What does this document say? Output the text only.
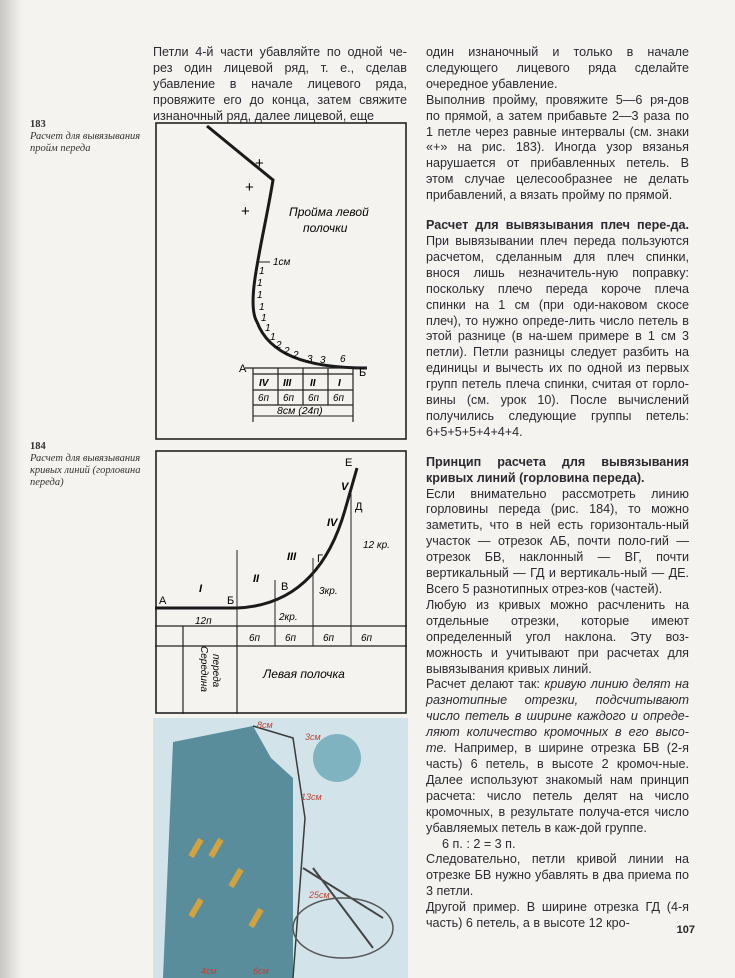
Петли 4-й части убавляйте по одной че-рез один лицевой ряд, т. е., сделав убавление в начале лицевого ряда, провяжите его до конца, затем свяжите изнаночный ряд, далее лицевой, еще

183
Расчет для вывязывания пройм переда
184
Расчет для вывязывания кривых линий (горловина переда)
1см
+
+
+	Пройма левой
полочки
1
1
1
1
1
1
1
2
2 2 3 3 6
А	Б
IV III II I
6п 6п 6п 6п
8см (24п)
А	Б
В
Г
Д
Е
I
II
III
IV
V
12п
6п 6п	6п	6п
2кр.
3кр.
12 кр.
Середина переда	Левая полочка
8см
3см
13см
25см
4см	6см

один изнаночный и только в начале следующего лицевого ряда сделайте очередное убавление.

Выполнив пройму, провяжите 5—6 ря-дов по прямой, а затем прибавьте 2—3 раза по 1 петле через равные интервалы (см. знаки «+» на рис. 183). Иногда узор вязанья нарушается от прибавленных петель. В этом случае целесообразнее не делать прибавлений, а вязать пройму по прямой.

Расчет для вывязывания плеч пере-да. При вывязывании плеч переда пользуются расчетом, сделанным для плеч спинки, внося лишь незначитель-ную поправку: поскольку плечо переда короче плеча спинки на 1 см (при оди-наковом скосе плеч), то нужно опреде-лить число петель в этой разнице (в на-шем примере в 1 см 3 петли). Петли разницы следует разбить на единицы и вычесть их по одной из первых групп петель плеча спинки, считая от горло-вины (см. урок 10). После вычислений получились следующие группы петель: 6+5+5+5+4+4+4.

Принцип расчета для вывязывания кривых линий (горловина переда).

Если внимательно рассмотреть линию горловины переда (рис. 184), то можно заметить, что в ней есть горизонталь-ный участок — отрезок АБ, почти поло-гий — отрезок БВ, наклонный — ВГ, почти вертикальный — ГД и вертикаль-ный — ДЕ. Всего 5 разнотипных отрез-ков (частей).

Любую из кривых можно расчленить на отдельные отрезки, которые имеют определенный угол наклона. Эту воз-можность и учитывают при расчетах для вывязывания кривых линий.

Расчет делают так: кривую линию делят на разнотипные отрезки, подсчитывают число петель в ширине каждого и опреде-ляют количество кромочных в его высо-те. Например, в ширине отрезка БВ (2-я часть) 6 петель, в высоте 2 кромоч-ные. Далее используют знакомый нам принцип расчета: число петель делят на число кромочных, в результате получа-ется число убавляемых петель в каж-дой группе.

6 п. : 2 = 3 п.

Следовательно, петли кривой линии на отрезке БВ нужно убавлять в два приема по 3 петли.

Другой пример. В ширине отрезка ГД (4-я часть) 6 петель, а в высоте 12 кро-	107
